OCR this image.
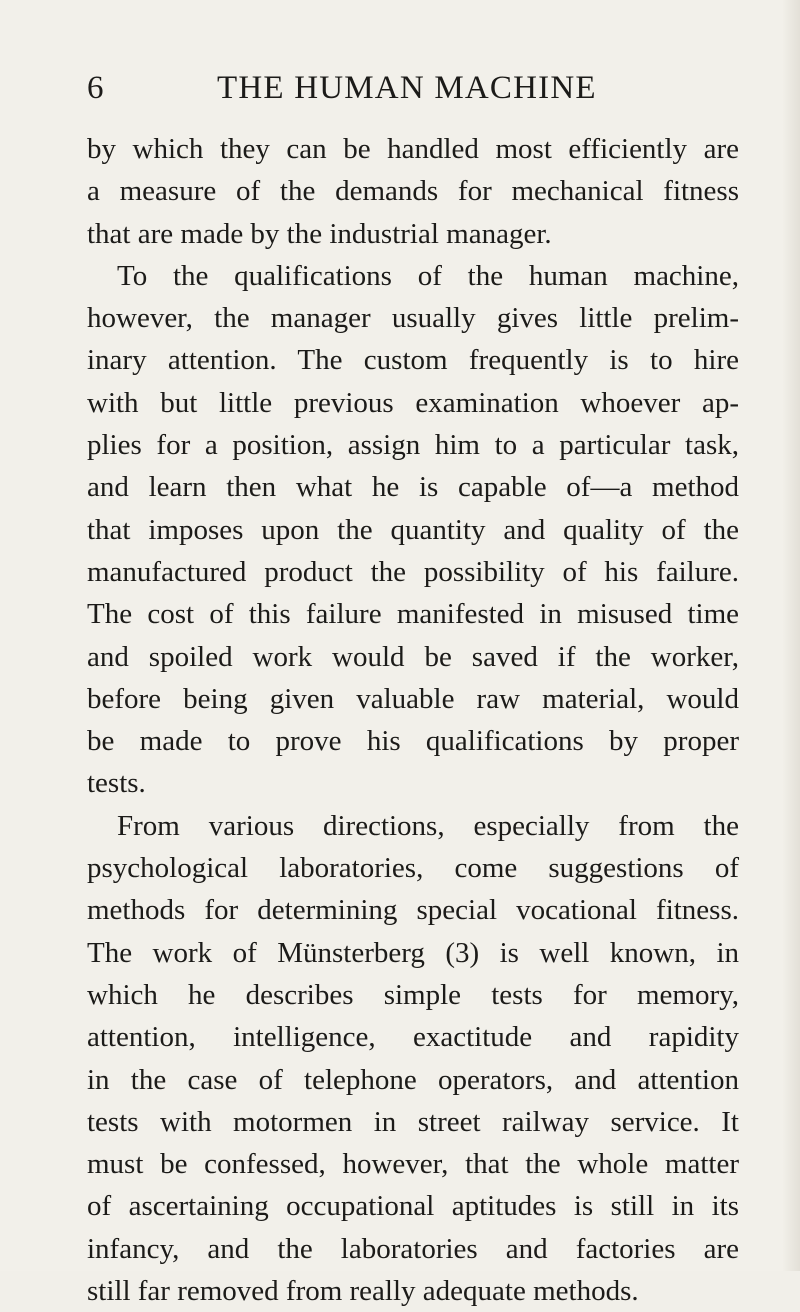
6	THE HUMAN MACHINE
by which they can be handled most efficiently are
a measure of the demands for mechanical fitness
that are made by the industrial manager.
To the qualifications of the human machine,
however, the manager usually gives little prelim-
inary attention. The custom frequently is to hire
with but little previous examination whoever ap-
plies for a position, assign him to a particular task,
and learn then what he is capable of—a method
that imposes upon the quantity and quality of the
manufactured product the possibility of his failure.
The cost of this failure manifested in misused time
and spoiled work would be saved if the worker,
before being given valuable raw material, would
be made to prove his qualifications by proper
tests.
From various directions, especially from the
psychological laboratories, come suggestions of
methods for determining special vocational fitness.
The work of Münsterberg (3) is well known, in
which he describes simple tests for memory,
attention, intelligence, exactitude and rapidity
in the case of telephone operators, and attention
tests with motormen in street railway service. It
must be confessed, however, that the whole matter
of ascertaining occupational aptitudes is still in its
infancy, and the laboratories and factories are
still far removed from really adequate methods.
